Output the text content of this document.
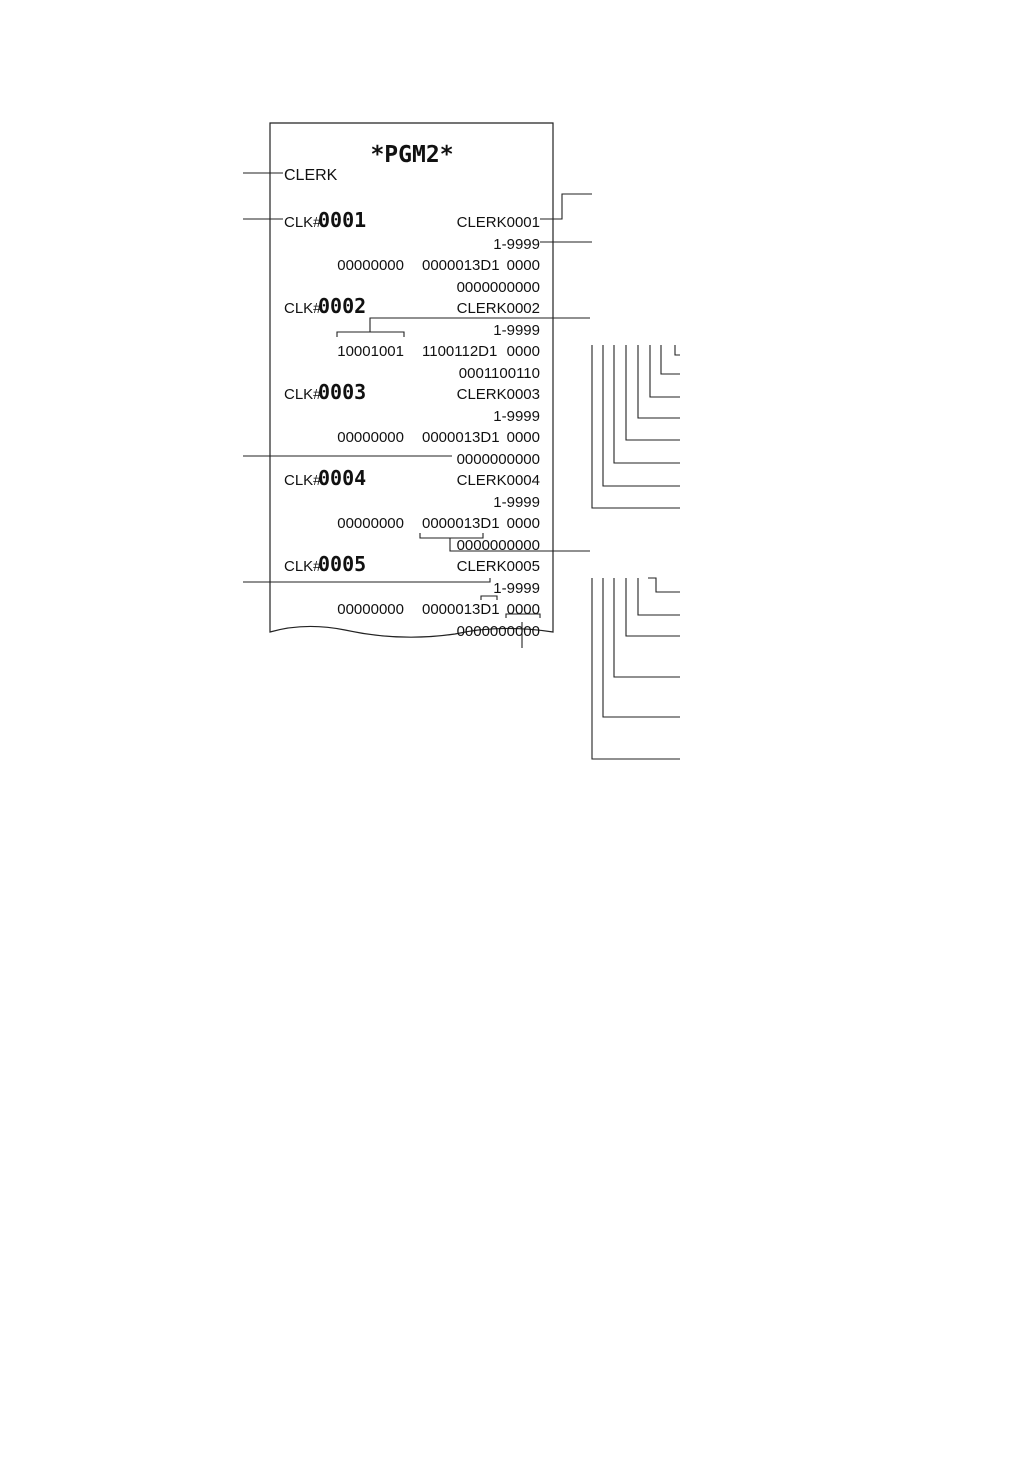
*PGM2*
CLERK
CLK#
0001	CLERK0001
1-9999
00000000 0000013D1 0000
0000000000
CLK#
0002	CLERK0002
1-9999
10001001 1100112D1 0000
0001100110
CLK#
0003	CLERK0003
1-9999
00000000 0000013D1 0000
0000000000
CLK#
0004	CLERK0004
1-9999
00000000 0000013D1 0000
0000000000
CLK#
0005	CLERK0005
1-9999
00000000 0000013D1 0000
0000000000
